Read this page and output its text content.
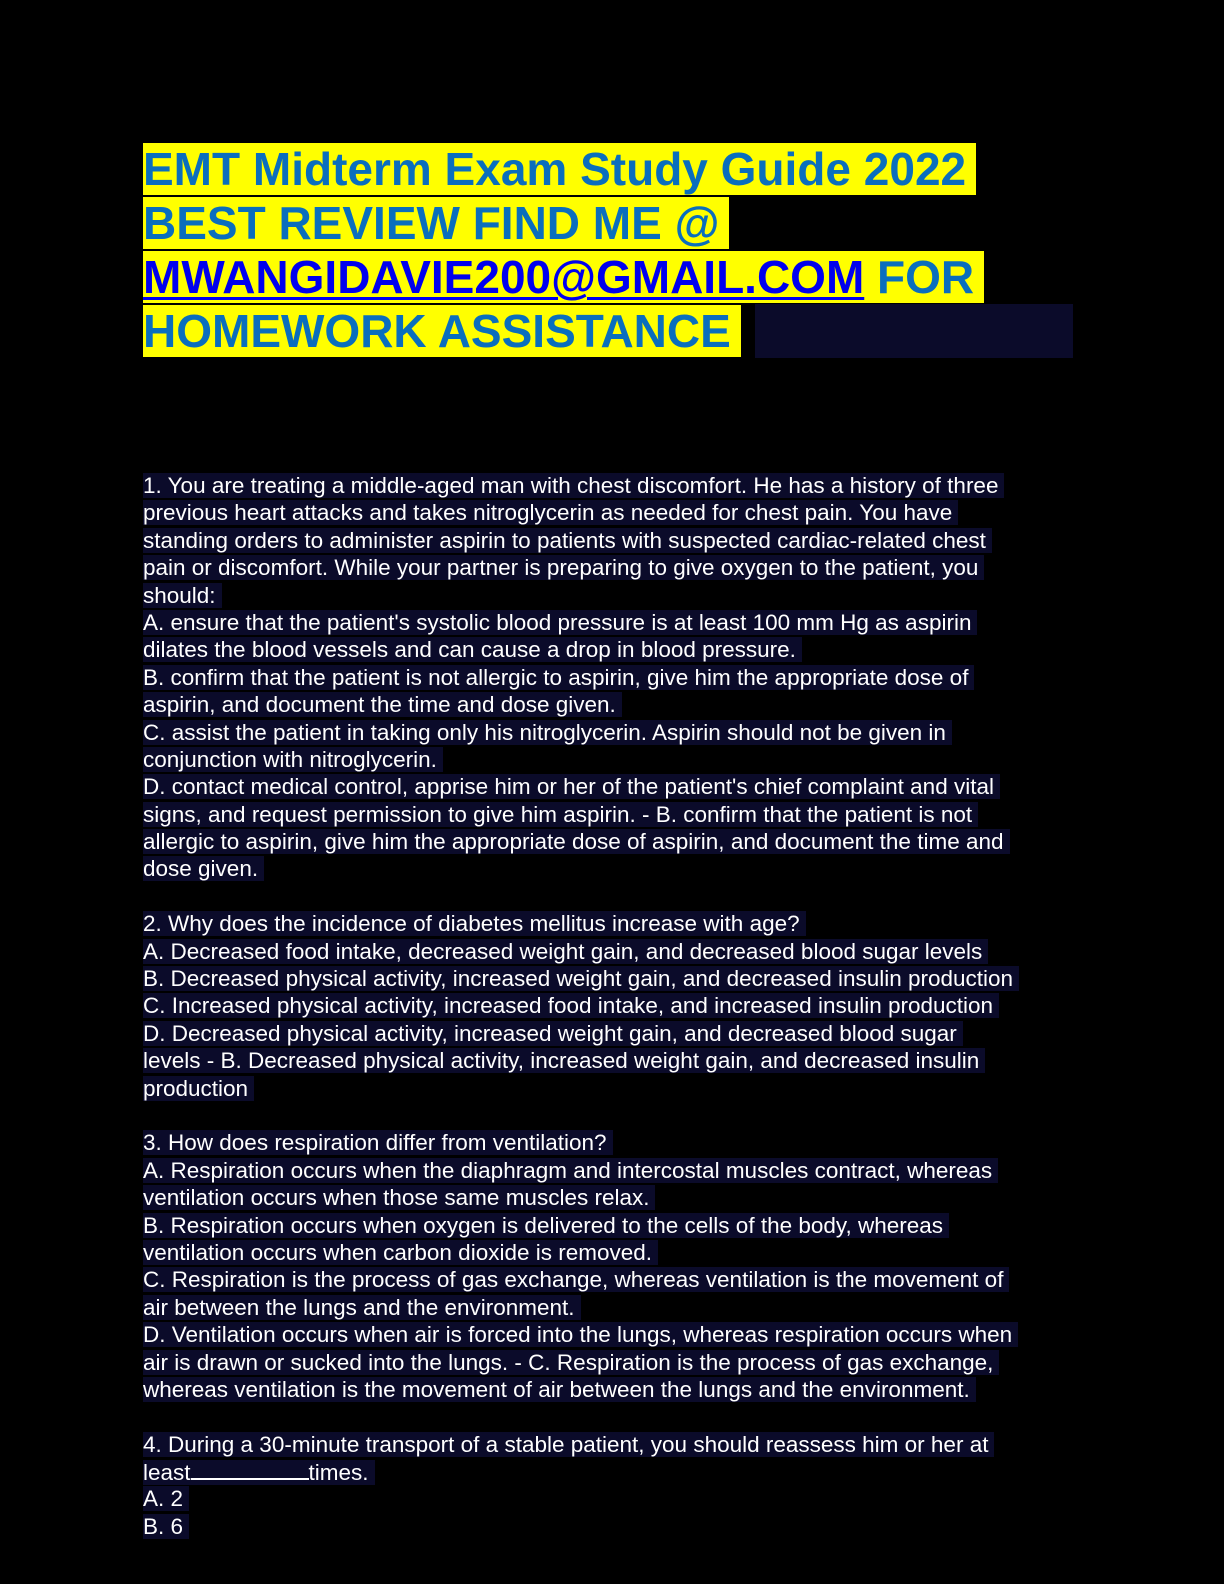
EMT Midterm Exam Study Guide 2022
BEST REVIEW FIND ME @
MWANGIDAVIE200@GMAIL.COM FOR
HOMEWORK ASSISTANCE
1. You are treating a middle-aged man with chest discomfort. He has a history of three
previous heart attacks and takes nitroglycerin as needed for chest pain. You have
standing orders to administer aspirin to patients with suspected cardiac-related chest
pain or discomfort. While your partner is preparing to give oxygen to the patient, you
should:
A. ensure that the patient's systolic blood pressure is at least 100 mm Hg as aspirin
dilates the blood vessels and can cause a drop in blood pressure.
B. confirm that the patient is not allergic to aspirin, give him the appropriate dose of
aspirin, and document the time and dose given.
C. assist the patient in taking only his nitroglycerin. Aspirin should not be given in
conjunction with nitroglycerin.
D. contact medical control, apprise him or her of the patient's chief complaint and vital
signs, and request permission to give him aspirin. - B. confirm that the patient is not
allergic to aspirin, give him the appropriate dose of aspirin, and document the time and
dose given.
2. Why does the incidence of diabetes mellitus increase with age?
A. Decreased food intake, decreased weight gain, and decreased blood sugar levels
B. Decreased physical activity, increased weight gain, and decreased insulin production
C. Increased physical activity, increased food intake, and increased insulin production
D. Decreased physical activity, increased weight gain, and decreased blood sugar
levels - B. Decreased physical activity, increased weight gain, and decreased insulin
production
3. How does respiration differ from ventilation?
A. Respiration occurs when the diaphragm and intercostal muscles contract, whereas
ventilation occurs when those same muscles relax.
B. Respiration occurs when oxygen is delivered to the cells of the body, whereas
ventilation occurs when carbon dioxide is removed.
C. Respiration is the process of gas exchange, whereas ventilation is the movement of
air between the lungs and the environment.
D. Ventilation occurs when air is forced into the lungs, whereas respiration occurs when
air is drawn or sucked into the lungs. - C. Respiration is the process of gas exchange,
whereas ventilation is the movement of air between the lungs and the environment.
4. During a 30-minute transport of a stable patient, you should reassess him or her at
least	times.
A. 2
B. 6
